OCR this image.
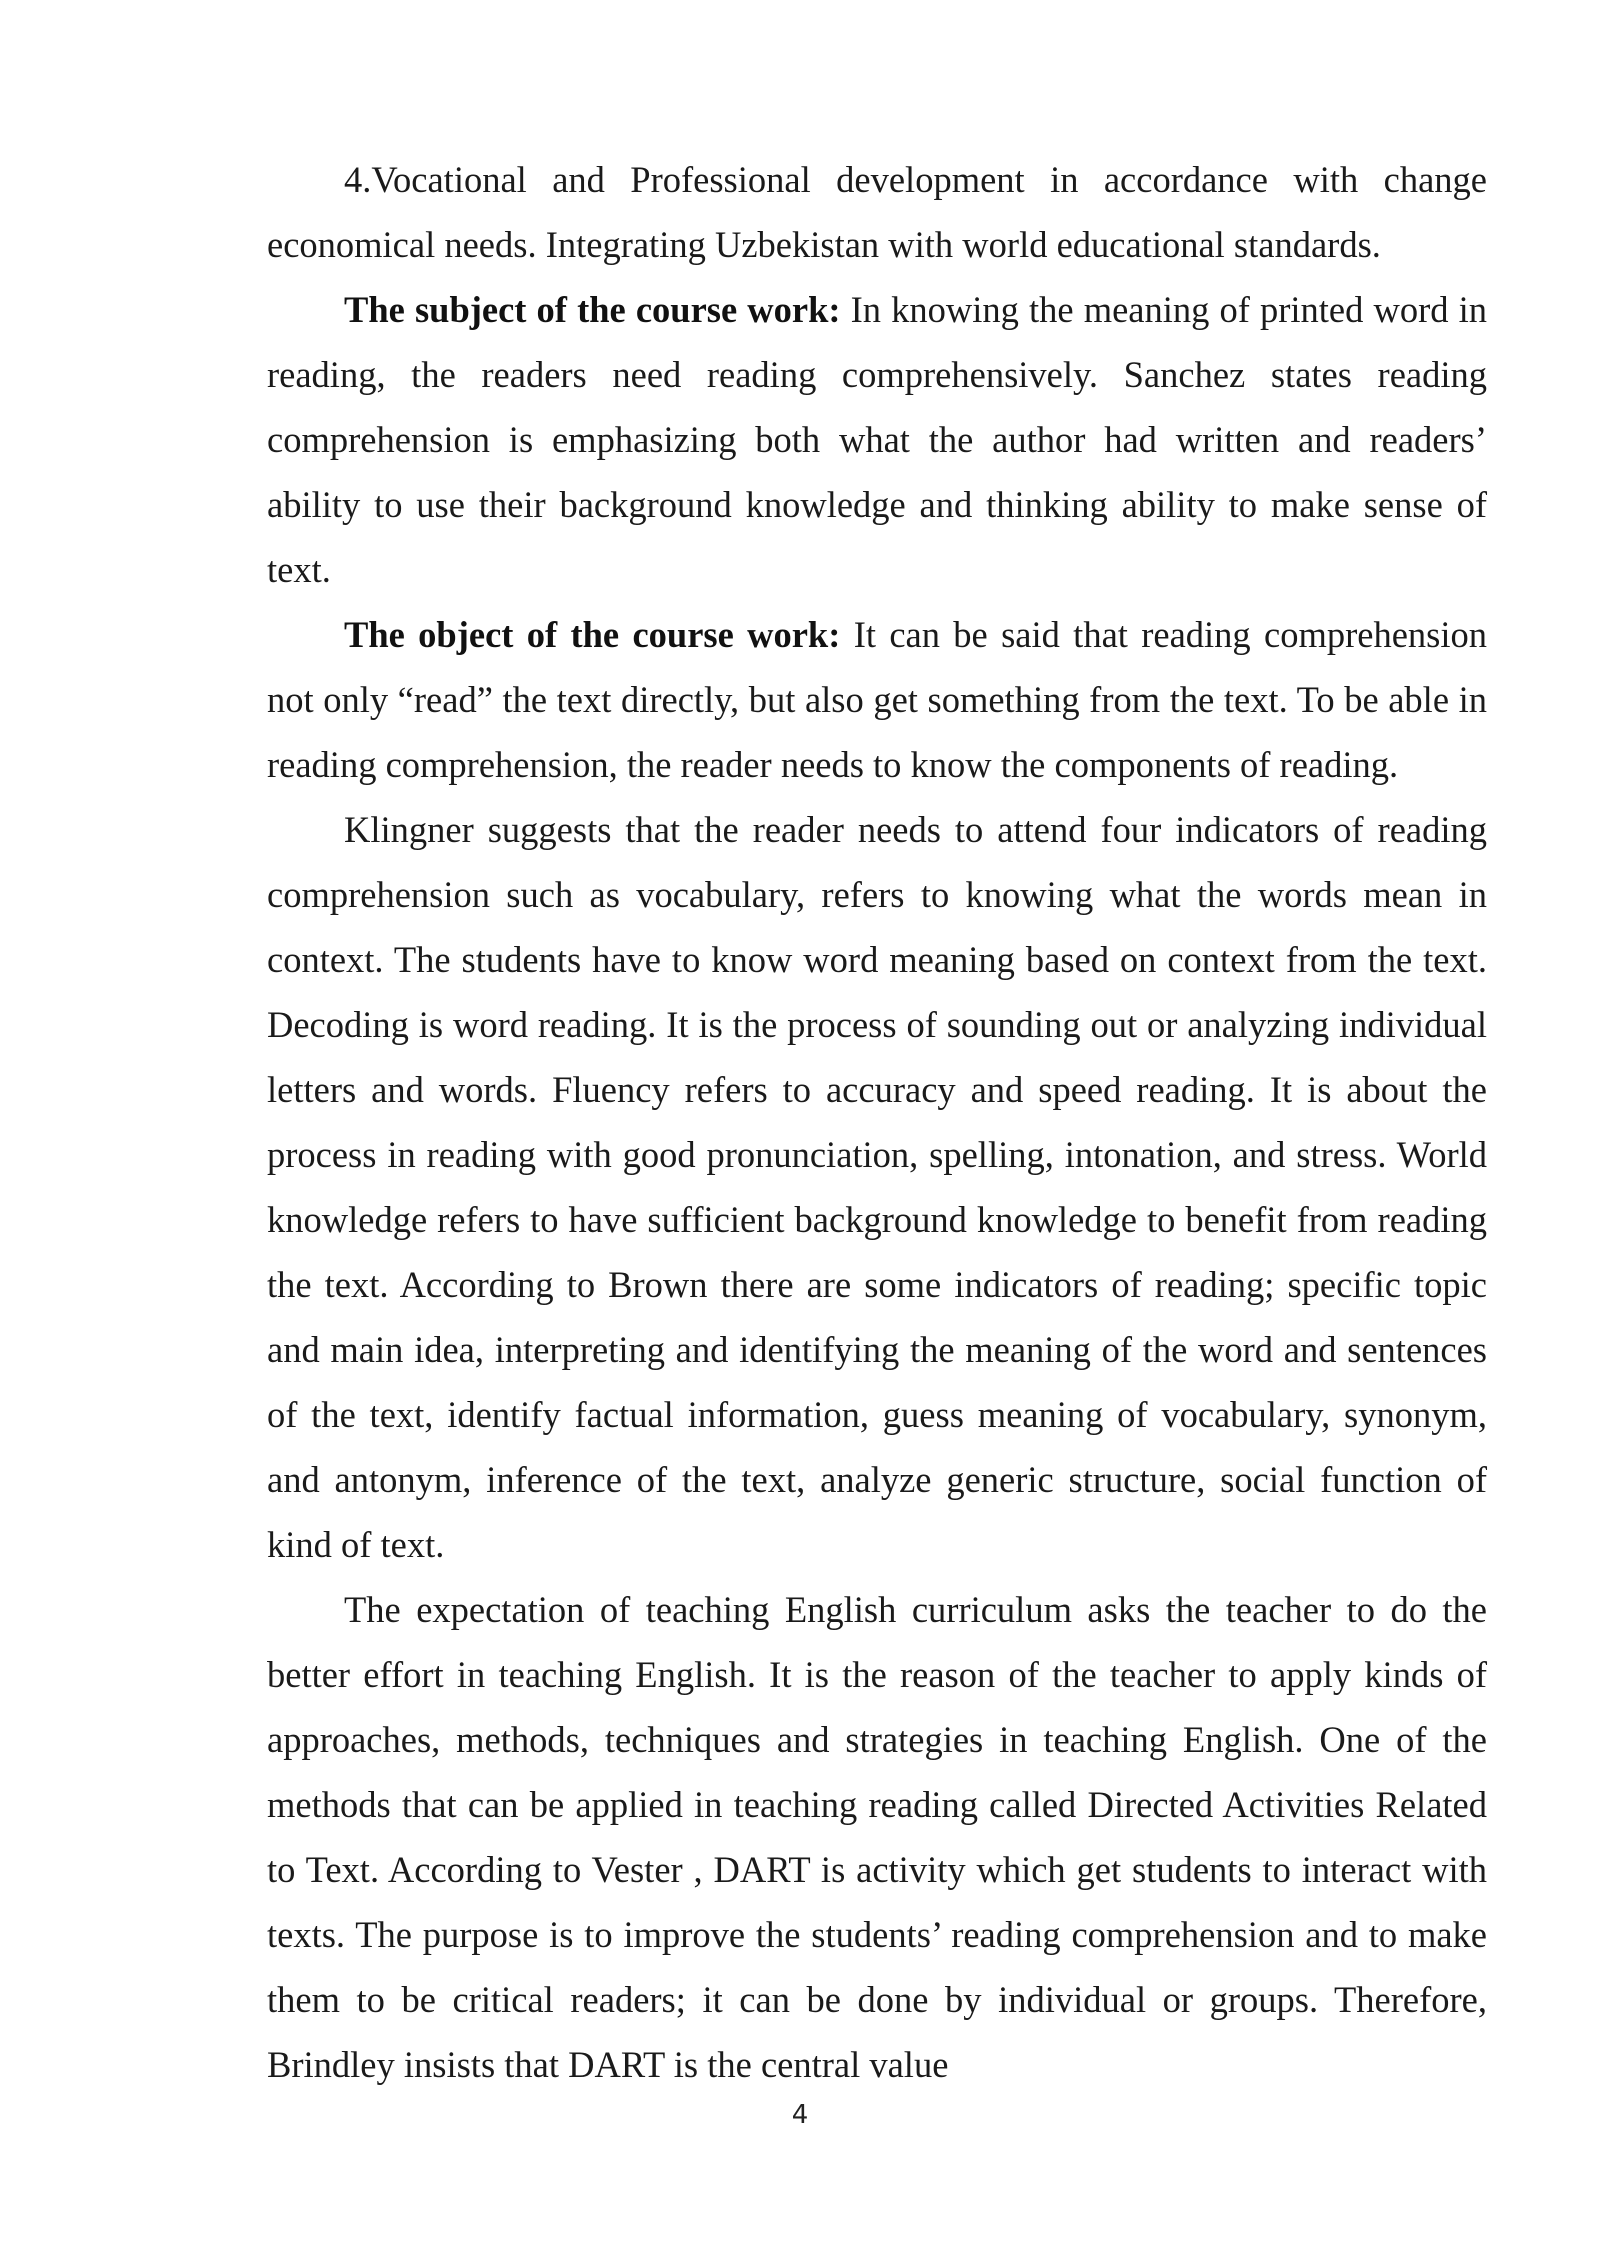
4.Vocational and Professional development in accordance with change economical needs. Integrating Uzbekistan with world educational standards.

The subject of the course work: In knowing the meaning of printed word in reading, the readers need reading comprehensively. Sanchez states reading comprehension is emphasizing both what the author had written and readers’ ability to use their background knowledge and thinking ability to make sense of text.

The object of the course work: It can be said that reading comprehension not only “read” the text directly, but also get something from the text. To be able in reading comprehension, the reader needs to know the components of reading.

Klingner suggests that the reader needs to attend four indicators of reading comprehension such as vocabulary, refers to knowing what the words mean in context. The students have to know word meaning based on context from the text. Decoding is word reading. It is the process of sounding out or analyzing individual letters and words. Fluency refers to accuracy and speed reading. It is about the process in reading with good pronunciation, spelling, intonation, and stress. World knowledge refers to have sufficient background knowledge to benefit from reading the text. According to Brown there are some indicators of reading; specific topic and main idea, interpreting and identifying the meaning of the word and sentences of the text, identify factual information, guess meaning of vocabulary, synonym, and antonym, inference of the text, analyze generic structure, social function of kind of text.

The expectation of teaching English curriculum asks the teacher to do the better effort in teaching English. It is the reason of the teacher to apply kinds of approaches, methods, techniques and strategies in teaching English. One of the methods that can be applied in teaching reading called Directed Activities Related to Text. According to Vester , DART is activity which get students to interact with texts. The purpose is to improve the students’ reading comprehension and to make them to be critical readers; it can be done by individual or groups. Therefore, Brindley insists that DART is the central value

4
